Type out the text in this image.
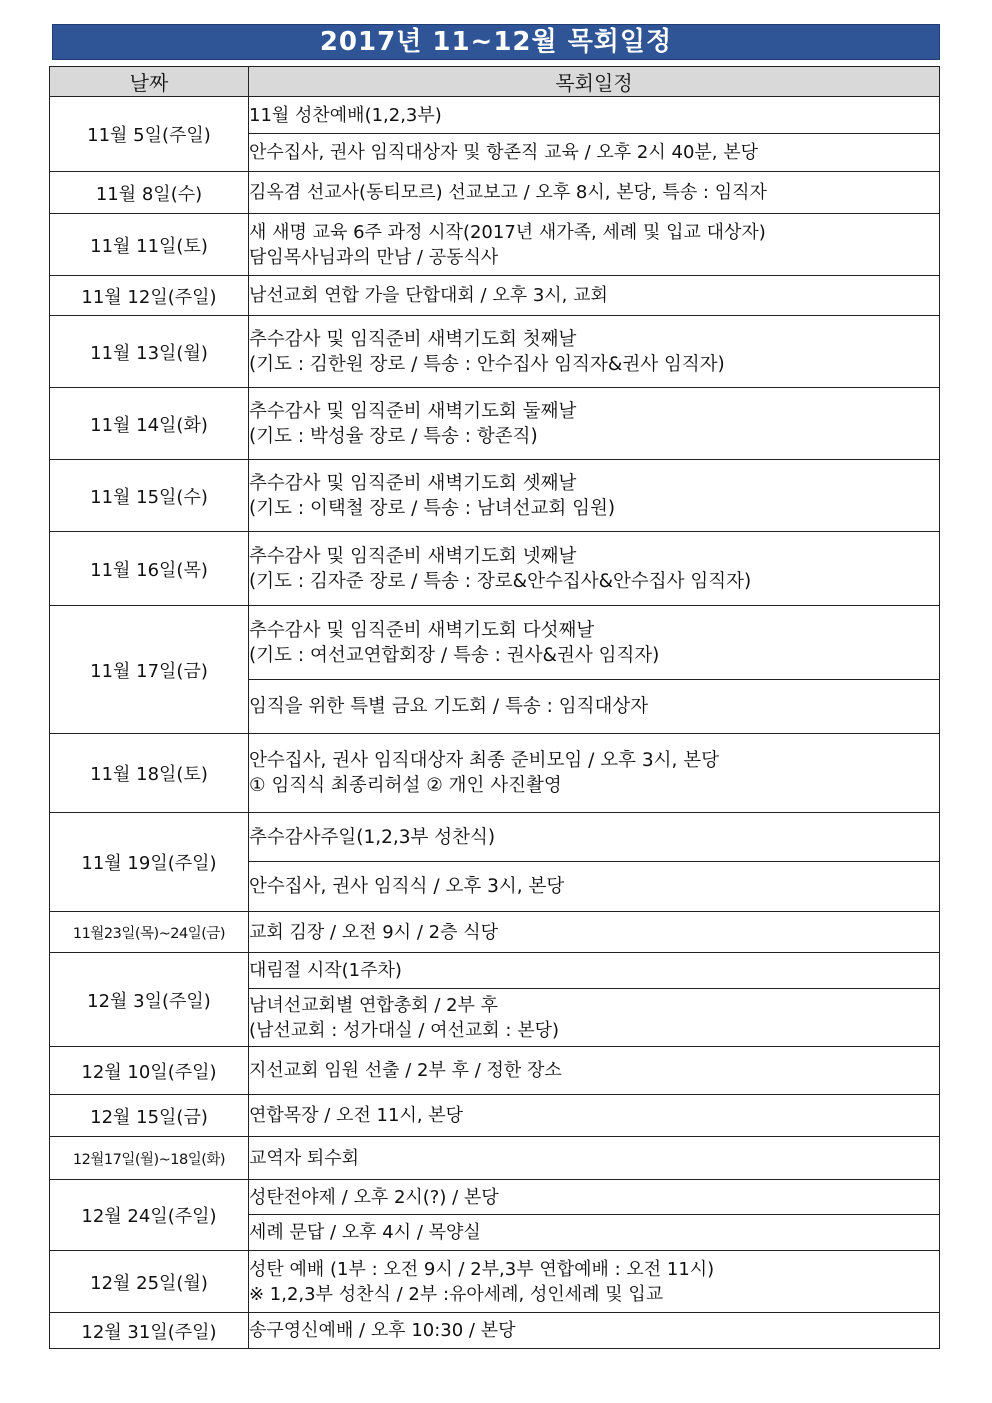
2017년 11~12월 목회일정
날짜	목회일정
11월 5일(주일)	11월 성찬예배(1,2,3부)

	안수집사, 권사 임직대상자 및 항존직 교육 / 오후 2시 40분, 본당

11월 8일(수)	김옥겸 선교사(동티모르) 선교보고 / 오후 8시, 본당, 특송 : 임직자

11월 11일(토)	새 새명 교육 6주 과정 시작(2017년 새가족, 세례 및 입교 대상자)
담임목사님과의 만남 / 공동식사

11월 12일(주일)	남선교회 연합 가을 단합대회 / 오후 3시, 교회

11월 13일(월)	추수감사 및 임직준비 새벽기도회 첫째날
(기도 : 김한원 장로 / 특송 : 안수집사 임직자&권사 임직자)

11월 14일(화)	추수감사 및 임직준비 새벽기도회 둘째날
(기도 : 박성율 장로 / 특송 : 항존직)

11월 15일(수)	추수감사 및 임직준비 새벽기도회 셋째날
(기도 : 이택철 장로 / 특송 : 남녀선교회 임원)

11월 16일(목)	추수감사 및 임직준비 새벽기도회 넷째날
(기도 : 김자준 장로 / 특송 : 장로&안수집사&안수집사 임직자)

11월 17일(금)	추수감사 및 임직준비 새벽기도회 다섯째날
(기도 : 여선교연합회장 / 특송 : 권사&권사 임직자)

	임직을 위한 특별 금요 기도회 / 특송 : 임직대상자

11월 18일(토)	안수집사, 권사 임직대상자 최종 준비모임 / 오후 3시, 본당
① 임직식 최종리허설 ② 개인 사진촬영

11월 19일(주일)	추수감사주일(1,2,3부 성찬식)

	안수집사, 권사 임직식 / 오후 3시, 본당

11월23일(목)~24일(금)	교회 김장 / 오전 9시 / 2층 식당

12월 3일(주일)	대림절 시작(1주차)

	남녀선교회별 연합총회 / 2부 후
(남선교회 : 성가대실 / 여선교회 : 본당)

12월 10일(주일)	지선교회 임원 선출 / 2부 후 / 정한 장소

12월 15일(금)	연합목장 / 오전 11시, 본당

12월17일(월)~18일(화)	교역자 퇴수회

12월 24일(주일)	성탄전야제 / 오후 2시(?) / 본당

	세례 문답 / 오후 4시 / 목양실

12월 25일(월)	성탄 예배 (1부 : 오전 9시 / 2부,3부 연합예배 : 오전 11시)
※ 1,2,3부 성찬식 / 2부 :유아세례, 성인세례 및 입교

12월 31일(주일)	송구영신예배 / 오후 10:30 / 본당
